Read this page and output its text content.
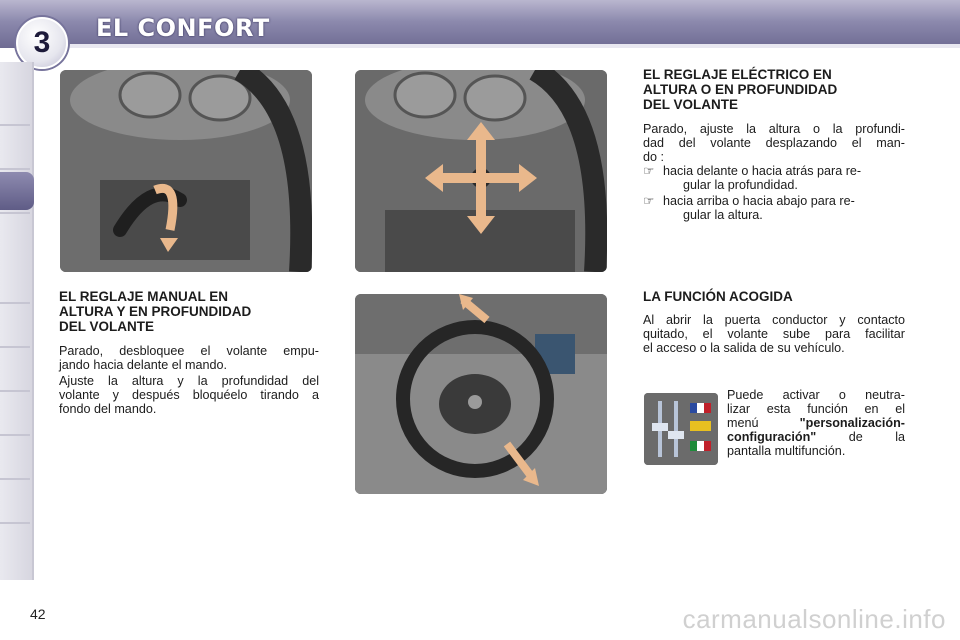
3	EL CONFORT
EL REGLAJE ELÉCTRICO EN
ALTURA O EN PROFUNDIDAD
DEL VOLANTE
Parado, ajuste la altura o la profundi-
dad del volante desplazando el man-
do :
☞ hacia delante o hacia atrás para re-
gular la profundidad.
☞ hacia arriba o hacia abajo para re-
gular la altura.
EL REGLAJE MANUAL EN
ALTURA Y EN PROFUNDIDAD
DEL VOLANTE
Parado, desbloquee el volante empu-
jando hacia delante el mando.
Ajuste la altura y la profundidad del
volante y después bloquéelo tirando a
fondo del mando.
LA FUNCIÓN ACOGIDA
Al abrir la puerta conductor y contacto
quitado, el volante sube para facilitar
el acceso o la salida de su vehículo.
Puede activar o neutra-
lizar esta función en el
menú	"personalización-
configuración"	de la
pantalla multifunción.
42	carmanualsonline.info
